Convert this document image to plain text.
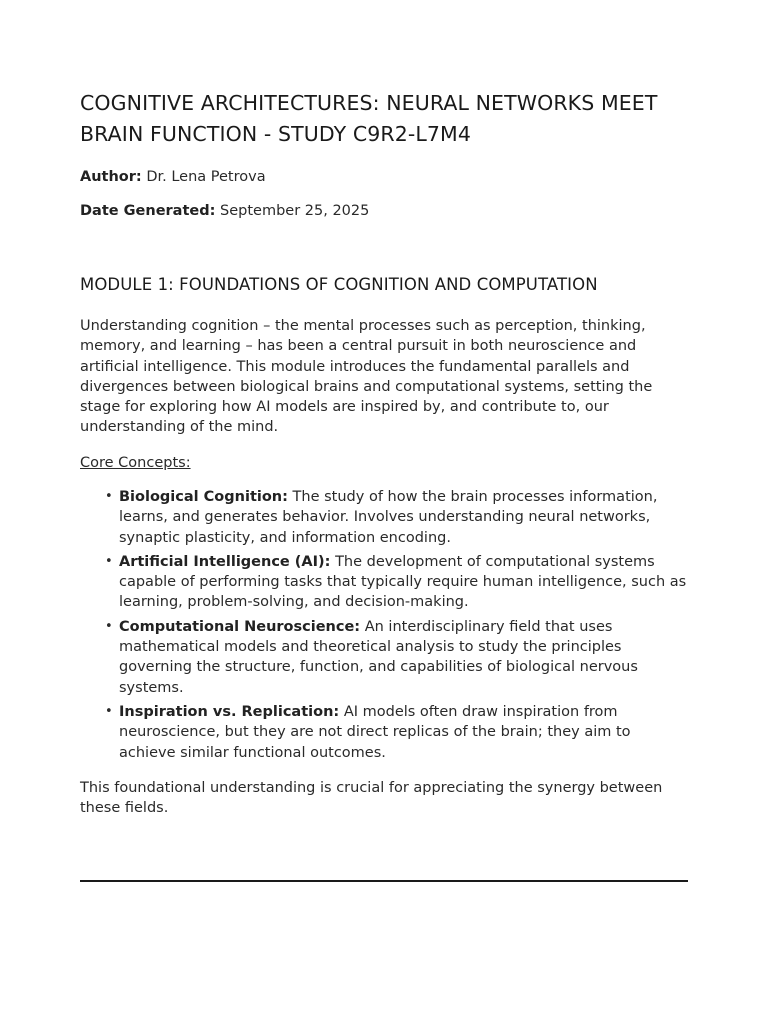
COGNITIVE ARCHITECTURES: NEURAL NETWORKS MEET BRAIN FUNCTION - STUDY C9R2-L7M4

Author: Dr. Lena Petrova

Date Generated: September 25, 2025

MODULE 1: FOUNDATIONS OF COGNITION AND COMPUTATION

Understanding cognition – the mental processes such as perception, thinking, memory, and learning – has been a central pursuit in both neuroscience and artificial intelligence. This module introduces the fundamental parallels and divergences between biological brains and computational systems, setting the stage for exploring how AI models are inspired by, and contribute to, our understanding of the mind.

Core Concepts:

• Biological Cognition: The study of how the brain processes information, learns, and generates behavior. Involves understanding neural networks, synaptic plasticity, and information encoding.
• Artificial Intelligence (AI): The development of computational systems capable of performing tasks that typically require human intelligence, such as learning, problem-solving, and decision-making.
• Computational Neuroscience: An interdisciplinary field that uses mathematical models and theoretical analysis to study the principles governing the structure, function, and capabilities of biological nervous systems.
• Inspiration vs. Replication: AI models often draw inspiration from neuroscience, but they are not direct replicas of the brain; they aim to achieve similar functional outcomes.

This foundational understanding is crucial for appreciating the synergy between these fields.
